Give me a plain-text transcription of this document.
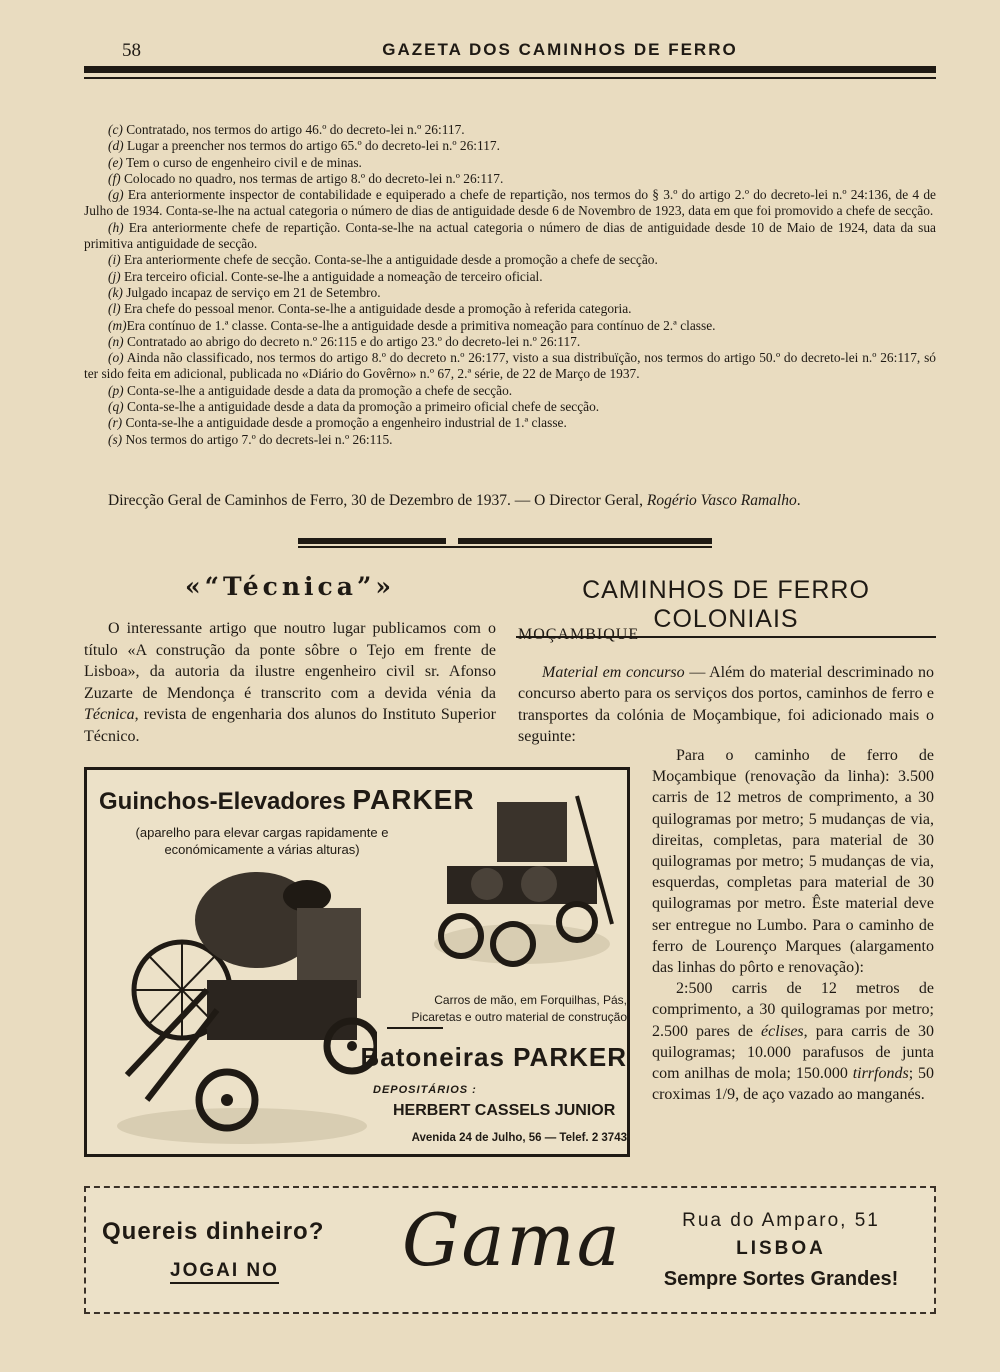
58	GAZETA DOS CAMINHOS DE FERRO

(c) Contratado, nos termos do artigo 46.º do decreto-lei n.º 26:117.

(d) Lugar a preencher nos termos do artigo 65.º do decreto-lei n.º 26:117.

(e) Tem o curso de engenheiro civil e de minas.

(f) Colocado no quadro, nos termas de artigo 8.º do decreto-lei n.º 26:117.

(g) Era anteriormente inspector de contabilidade e equiperado a chefe de repartição, nos termos do § 3.º do artigo 2.º do decreto-lei n.º 24:136, de 4 de Julho de 1934. Conta-se-lhe na actual categoria o número de dias de antiguidade desde 6 de Novembro de 1923, data em que foi promovido a chefe de secção.

(h) Era anteriormente chefe de repartição. Conta-se-lhe na actual categoria o número de dias de antiguidade desde 10 de Maio de 1924, data da sua primitiva antiguidade de secção.

(i) Era anteriormente chefe de secção. Conta-se-lhe a antiguidade desde a promoção a chefe de secção.

(j) Era terceiro oficial. Conte-se-lhe a antiguidade a nomeação de terceiro oficial.

(k) Julgado incapaz de serviço em 21 de Setembro.

(l) Era chefe do pessoal menor. Conta-se-lhe a antiguidade desde a promoção à referida categoria.

(m)Era contínuo de 1.ª classe. Conta-se-lhe a antiguidade desde a primitiva nomeação para contínuo de 2.ª classe.

(n) Contratado ao abrigo do decreto n.º 26:115 e do artigo 23.º do decreto-lei n.º 26:117.

(o) Ainda não classificado, nos termos do artigo 8.º do decreto n.º 26:177, visto a sua distribuïção, nos termos do artigo 50.º do decreto-lei n.º 26:117, só ter sido feita em adicional, publicada no «Diário do Govêrno» n.º 67, 2.ª série, de 22 de Março de 1937.

(p) Conta-se-lhe a antiguidade desde a data da promoção a chefe de secção.

(q) Conta-se-lhe a antiguidade desde a data da promoção a primeiro oficial chefe de secção.

(r) Conta-se-lhe a antiguidade desde a promoção a engenheiro industrial de 1.ª classe.

(s) Nos termos do artigo 7.º do decrets-lei n.º 26:115.

Direcção Geral de Caminhos de Ferro, 30 de Dezembro de 1937. — O Director Geral, Rogério Vasco Ramalho.
«“Técnica”»
O interessante artigo que noutro lugar publicamos com o título «A construção da ponte sôbre o Tejo em frente de Lisboa», da autoria da ilustre engenheiro civil sr. Afonso Zuzarte de Mendonça é transcrito com a devida vénia da Técnica, revista de engenharia dos alunos do Instituto Superior Técnico.
CAMINHOS DE FERRO COLONIAIS
MOÇAMBIQUE
Material em concurso — Além do material descriminado no concurso aberto para os serviços dos portos, caminhos de ferro e transportes da colónia de Moçambique, foi adicionado mais o seguinte:

Para o caminho de ferro de Moçambique (renovação da linha): 3.500 carris de 12 metros de comprimento, a 30 quilogramas por metro; 5 mudanças de via, direitas, completas, para material de 30 quilogramas por metro; 5 mudanças de via, esquerdas, completas para material de 30 quilogramas por metro. Êste material deve ser entregue no Lumbo. Para o caminho de ferro de Lourenço Marques (alargamento das linhas do pôrto e renovação):

2:500 carris de 12 metros de comprimento, a 30 quilogramas por metro; 2.500 pares de éclises, para carris de 30 quilogramas; 10.000 parafusos de junta com anilhas de mola; 150.000 tirrfonds; 50 croximas 1/9, de aço vazado ao manganés.

Guinchos-Elevadores PARKER
(aparelho para elevar cargas rapidamente e económicamente a várias alturas)
Carros de mão, em Forquilhas, Pás,
Picaretas e outro material de construção
Batoneiras PARKER
DEPOSITÁRIOS :
HERBERT CASSELS JUNIOR
Avenida 24 de Julho, 56 — Telef. 2 3743
Quereis dinheiro?
JOGAI NO Gama	Rua do Amparo, 51
LISBOA
Sempre Sortes Grandes!
